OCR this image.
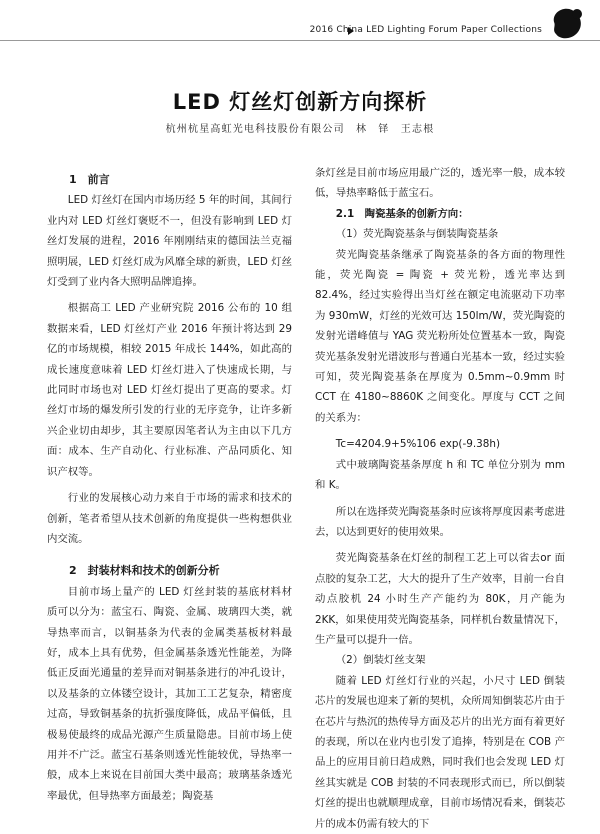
2016 China LED Lighting Forum Paper Collections
LED 灯丝灯创新方向探析
杭州杭星高虹光电科技股份有限公司　林　铎　王志根

1　前言

LED 灯丝灯在国内市场历经 5 年的时间，其间行业内对 LED 灯丝灯褒贬不一，但没有影响到 LED 灯丝灯发展的进程，2016 年刚刚结束的德国法兰克福照明展，LED 灯丝灯成为风靡全球的新贵，LED 灯丝灯受到了业内各大照明品牌追捧。

根据高工 LED 产业研究院 2016 公布的 10 组数据来看，LED 灯丝灯产业 2016 年预计将达到 29 亿的市场规模，相较 2015 年成长 144%，如此高的成长速度意味着 LED 灯丝灯进入了快速成长期，与此同时市场也对 LED 灯丝灯提出了更高的要求。灯丝灯市场的爆发所引发的行业的无序竞争，让许多新兴企业切由却步，其主要原因笔者认为主由以下几方面：成本、生产自动化、行业标准、产品同质化、知识产权等。

行业的发展核心动力来自于市场的需求和技术的创新，笔者希望从技术创新的角度提供一些构想供业内交流。

2　封装材料和技术的创新分析

目前市场上量产的 LED 灯丝封装的基底材料材质可以分为：蓝宝石、陶瓷、金属、玻璃四大类，就导热率而言，以铜基条为代表的金属类基板材料最好，成本上具有优势，但金属基条透光性能差，为降低正反面光通量的差异而对铜基条进行的冲孔设计，以及基条的立体镂空设计，其加工工艺复杂，精密度过高，导致铜基条的抗折强度降低，成品平偏低，且极易使最终的成品光源产生质量隐患。目前市场上使用并不广泛。蓝宝石基条则透光性能较优，导热率一般，成本上来说在目前国大类中最高；玻璃基条透光率最优，但导热率方面最差；陶瓷基

条灯丝是目前市场应用最广泛的，透光率一般，成本较低，导热率略低于蓝宝石。

2.1　陶瓷基条的创新方向：

（1）荧光陶瓷基条与倒装陶瓷基条

荧光陶瓷基条继承了陶瓷基条的各方面的物理性能，荧光陶瓷 = 陶瓷 + 荧光粉，透光率达到 82.4%，经过实验得出当灯丝在额定电流驱动下功率为 930mW，灯丝的光效可达 150lm/W，荧光陶瓷的发射光谱峰值与 YAG 荧光粉所处位置基本一致，陶瓷荧光基条发射光谱波形与普通白光基本一致，经过实验可知，荧光陶瓷基条在厚度为 0.5mm~0.9mm 时 CCT 在 4180~8860K 之间变化。厚度与 CCT 之间的关系为：

Tc=4204.9+5%106 exp(-9.38h)

式中玻璃陶瓷基条厚度 h 和 TC 单位分别为 mm 和 K。

所以在选择荧光陶瓷基条时应该将厚度因素考虑进去，以达到更好的使用效果。

荧光陶瓷基条在灯丝的制程工艺上可以省去or 面点胶的复杂工艺，大大的提升了生产效率，目前一台自动点胶机 24 小时生产产能约为 80K，月产能为 2KK，如果使用荧光陶瓷基条，同样机台数量情况下，生产量可以提升一倍。

（2）倒装灯丝支架

随着 LED 灯丝灯行业的兴起，小尺寸 LED 倒装芯片的发展也迎来了新的契机，众所周知倒装芯片由于在芯片与热沉的热传导方面及芯片的出光方面有着更好的表现，所以在业内也引发了追捧，特别是在 COB 产品上的应用目前日趋成熟，同时我们也会发现 LED 灯丝其实就是 COB 封装的不同表现形式而已，所以倒装灯丝的提出也就顺理成章，目前市场情况看来，倒装芯片的成本仍需有较大的下
